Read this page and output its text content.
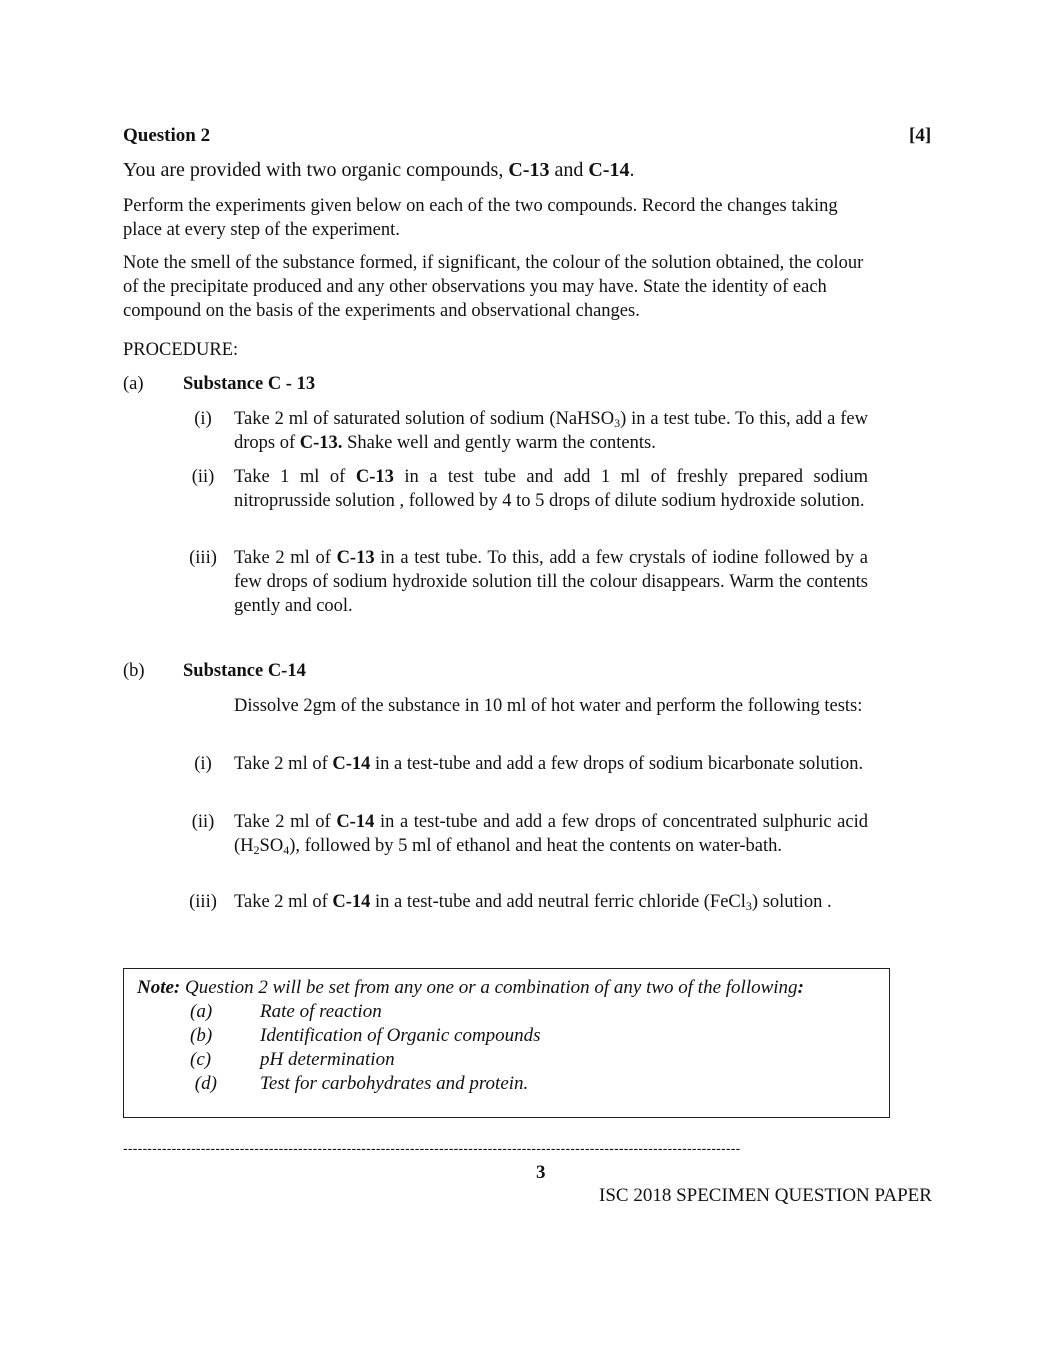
Question 2	[4]
You are provided with two organic compounds, C-13 and C-14.
Perform the experiments given below on each of the two compounds. Record the changes taking place at every step of the experiment.
Note the smell of the substance formed, if significant, the colour of the solution obtained, the colour of the precipitate produced and any other observations you may have. State the identity of each compound on the basis of the experiments and observational changes.
PROCEDURE:
(a) Substance C - 13
(i)	Take 2 ml of saturated solution of sodium (NaHSO$_3$) in a test tube. To this, add a few drops of C-13. Shake well and gently warm the contents.
(ii)	Take 1 ml of C-13 in a test tube and add 1 ml of freshly prepared sodium nitroprusside solution , followed by 4 to 5 drops of dilute sodium hydroxide solution.
(iii) Take 2 ml of C-13 in a test tube. To this, add a few crystals of iodine followed by a few drops of sodium hydroxide solution till the colour disappears. Warm the contents gently and cool.
(b) Substance C-14
Dissolve 2gm of the substance in 10 ml of hot water and perform the following tests:
(i)	Take 2 ml of C-14 in a test-tube and add a few drops of sodium bicarbonate solution.
(ii)	Take 2 ml of C-14 in a test-tube and add a few drops of concentrated sulphuric acid $(H_2SO_4)$, followed by 5 ml of ethanol and heat the contents on water-bath.
(iii) Take 2 ml of C-14 in a test-tube and add neutral ferric chloride (FeCl$_3$) solution .
Note: Question 2 will be set from any one or a combination of any two of the following:
(a)	Rate of reaction
(b)	Identification of Organic compounds
(c)	pH determination
(d) Test for carbohydrates and protein.
-------------------------------------------------------------------------------------------------------------------------------
3
ISC 2018 SPECIMEN QUESTION PAPER
